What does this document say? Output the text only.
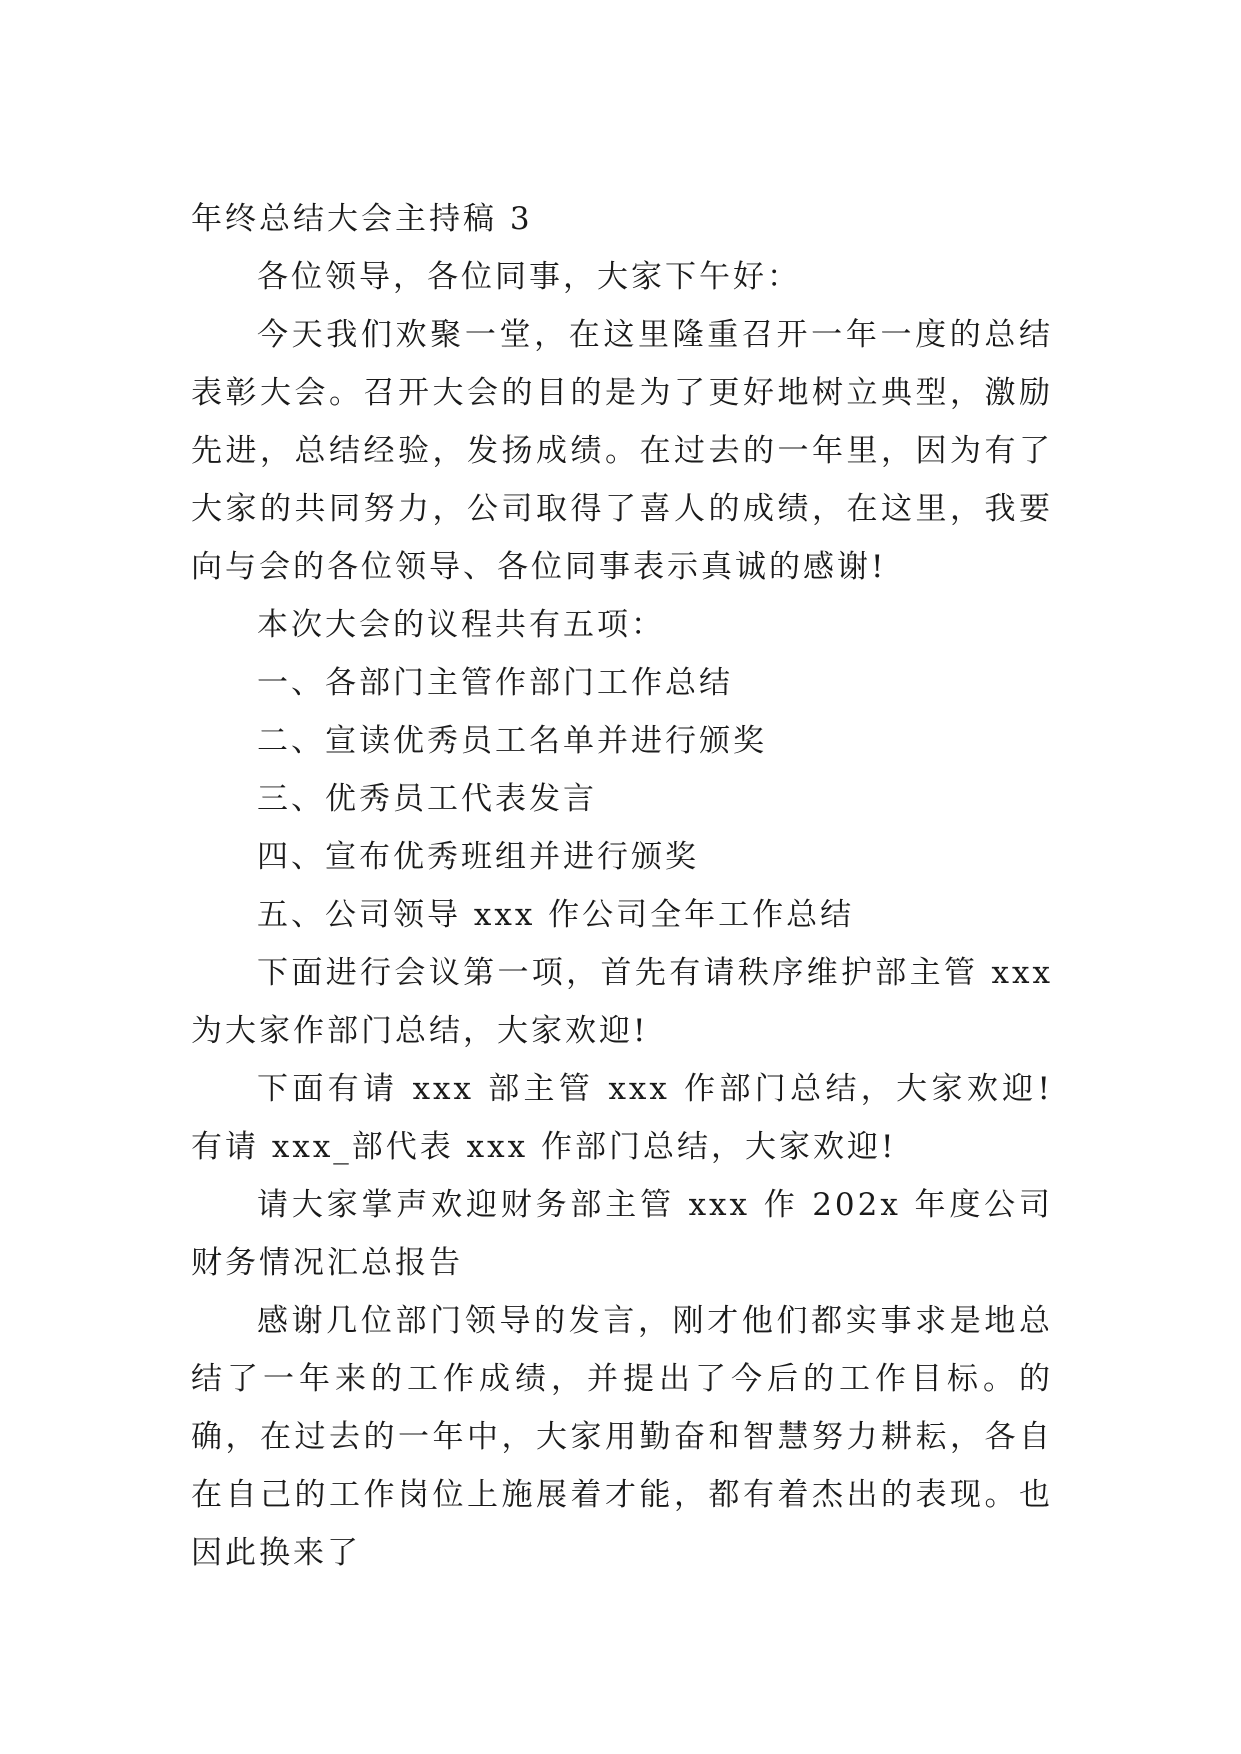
年终总结大会主持稿 3

各位领导，各位同事，大家下午好：

今天我们欢聚一堂，在这里隆重召开一年一度的总结表彰大会。召开大会的目的是为了更好地树立典型，激励先进，总结经验，发扬成绩。在过去的一年里，因为有了大家的共同努力，公司取得了喜人的成绩，在这里，我要向与会的各位领导、各位同事表示真诚的感谢!

本次大会的议程共有五项：

一、各部门主管作部门工作总结

二、宣读优秀员工名单并进行颁奖

三、优秀员工代表发言

四、宣布优秀班组并进行颁奖

五、公司领导 xxx 作公司全年工作总结

下面进行会议第一项，首先有请秩序维护部主管 xxx 为大家作部门总结，大家欢迎!

下面有请 xxx 部主管 xxx 作部门总结，大家欢迎!有请 xxx_部代表 xxx 作部门总结，大家欢迎!

请大家掌声欢迎财务部主管 xxx 作 202x 年度公司财务情况汇总报告

感谢几位部门领导的发言，刚才他们都实事求是地总结了一年来的工作成绩，并提出了今后的工作目标。的确，在过去的一年中，大家用勤奋和智慧努力耕耘，各自在自己的工作岗位上施展着才能，都有着杰出的表现。也因此换来了
